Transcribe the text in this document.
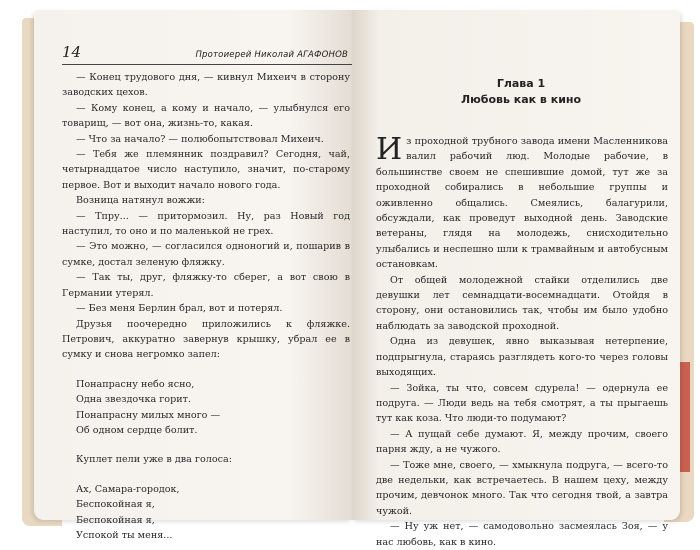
14	Протоиерей Николай АГАФОНОВ

— Конец трудового дня, — кивнул Михеич в сторону заводских цехов.

— Кому конец, а кому и начало, — улыбнулся его товарищ, — вот она, жизнь-то, какая.

— Что за начало? — полюбопытствовал Михеич.

— Тебя же племянник поздравил? Сегодня, чай, четырнадцатое число наступило, значит, по-старому первое. Вот и выходит начало нового года.

Возница натянул вожжи:

— Тпру... — притормозил. Ну, раз Новый год наступил, то оно и по маленькой не грех.

— Это можно, — согласился одноногий и, пошарив в сумке, достал зеленую фляжку.

— Так ты, друг, фляжку-то сберег, а вот свою в Германии утерял.

— Без меня Берлин брал, вот и потерял.

Друзья поочередно приложились к фляжке. Петрович, аккуратно завернув крышку, убрал ее в сумку и снова негромко запел:

Понапрасну небо ясно,

Одна звездочка горит.

Понапрасну милых много —

Об одном сердце болит.

Куплет пели уже в два голоса:

Ах, Самара-городок,

Беспокойная я,

Беспокойная я,

Успокой ты меня...

Глава 1
Любовь как в кино

Из проходной трубного завода имени Масленникова валил рабочий люд. Молодые рабочие, в большинстве своем не спешившие домой, тут же за проходной собирались в небольшие группы и оживленно общались. Смеялись, балагурили, обсуждали, как проведут выходной день. Заводские ветераны, глядя на молодежь, снисходительно улыбались и неспешно шли к трамвайным и автобусным остановкам.

От общей молодежной стайки отделились две девушки лет семнадцати-восемнадцати. Отойдя в сторону, они остановились так, чтобы им было удобно наблюдать за заводской проходной.

Одна из девушек, явно выказывая нетерпение, подпрыгнула, стараясь разглядеть кого-то через головы выходящих.

— Зойка, ты что, совсем сдурела! — одернула ее подруга. — Люди ведь на тебя смотрят, а ты прыгаешь тут как коза. Что люди-то подумают?

— А пущай себе думают. Я, между прочим, своего парня жду, а не чужого.

— Тоже мне, своего, — хмыкнула подруга, — всего-то две недельки, как встречаетесь. В нашем цеху, между прочим, девчонок много. Так что сегодня твой, а завтра чужой.

— Ну уж нет, — самодовольно засмеялась Зоя, — у нас любовь, как в кино.
